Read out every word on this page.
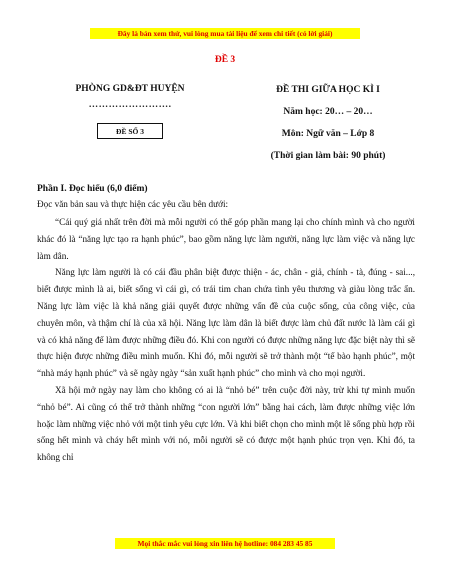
Đây là bản xem thử, vui lòng mua tài liệu để xem chi tiết (có lời giải)
ĐỀ 3
PHÒNG GD&ĐT HUYỆN
…………………….
ĐỀ SỐ 3
ĐỀ THI GIỮA HỌC KÌ I
Năm học: 20… – 20…
Môn: Ngữ văn – Lớp 8
(Thời gian làm bài: 90 phút)
Phần I. Đọc hiểu (6,0 điểm)
Đọc văn bản sau và thực hiện các yêu cầu bên dưới:

“Cái quý giá nhất trên đời mà mỗi người có thể góp phần mang lại cho chính mình và cho người khác đó là “năng lực tạo ra hạnh phúc”, bao gồm năng lực làm người, năng lực làm việc và năng lực làm dân.

Năng lực làm người là có cái đầu phân biệt được thiện - ác, chân - giả, chính - tà, đúng - sai..., biết được mình là ai, biết sống vì cái gì, có trái tim chan chứa tình yêu thương và giàu lòng trắc ẩn. Năng lực làm việc là khả năng giải quyết được những vấn đề của cuộc sống, của công việc, của chuyên môn, và thậm chí là của xã hội. Năng lực làm dân là biết được làm chủ đất nước là làm cái gì và có khả năng để làm được những điều đó. Khi con người có được những năng lực đặc biệt này thì sẽ thực hiện được những điều mình muốn. Khi đó, mỗi người sẽ trở thành một “tế bào hạnh phúc”, một “nhà máy hạnh phúc” và sẽ ngày ngày “sản xuất hạnh phúc” cho mình và cho mọi người.

Xã hội mở ngày nay làm cho không có ai là “nhỏ bé” trên cuộc đời này, trừ khi tự mình muốn “nhỏ bé”. Ai cũng có thể trở thành những “con người lớn” bằng hai cách, làm được những việc lớn hoặc làm những việc nhỏ với một tinh yêu cực lớn. Và khi biết chọn cho mình một lẽ sống phù hợp rồi sống hết mình và cháy hết mình với nó, mỗi người sẽ có được một hạnh phúc trọn vẹn. Khi đó, ta không chỉ

Mọi thắc mắc vui lòng xin liên hệ hotline: 084 283 45 85
